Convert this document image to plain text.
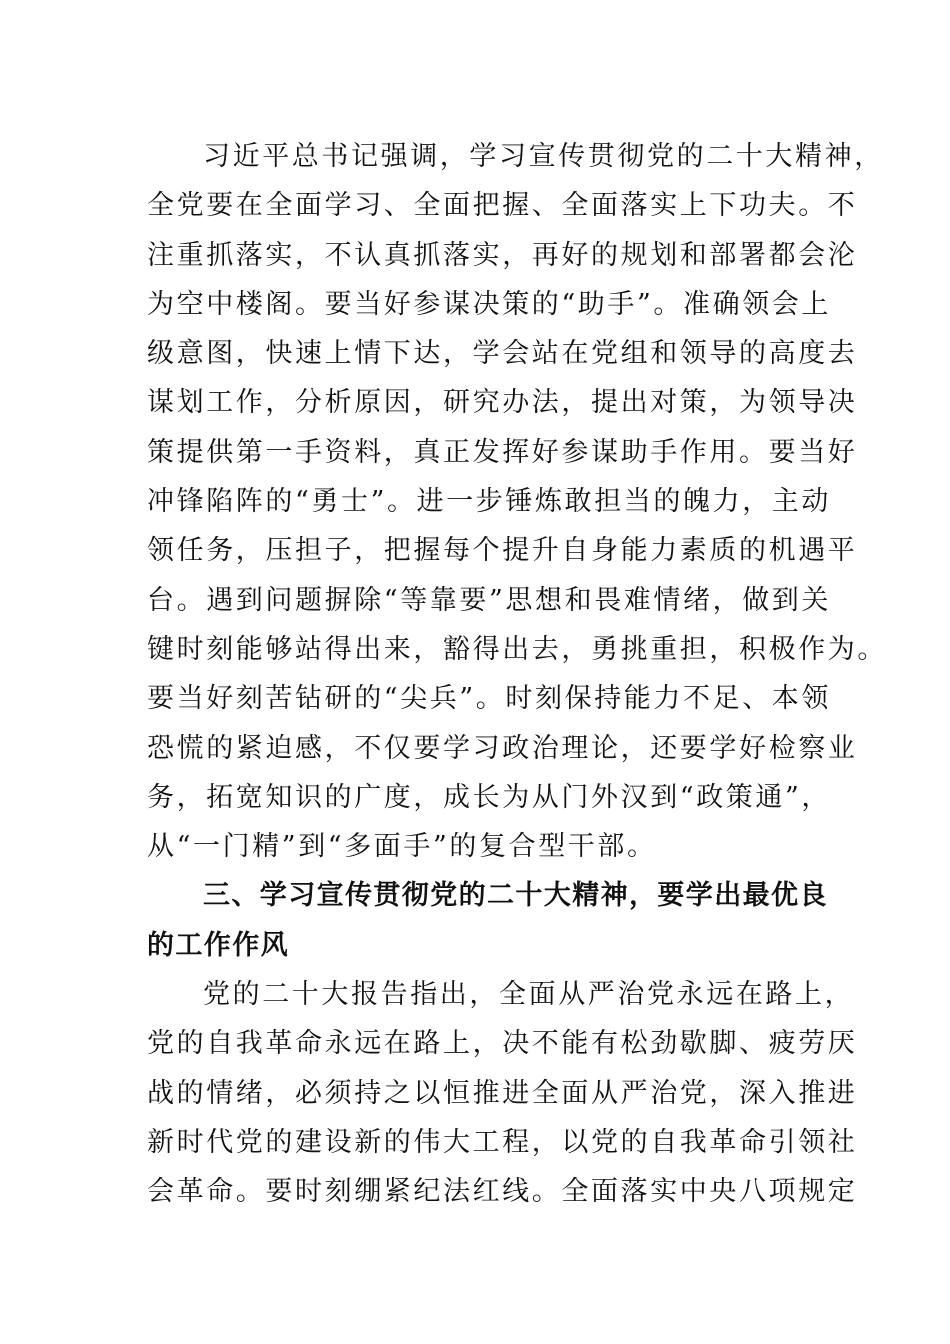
习近平总书记强调，学习宣传贯彻党的二十大精神，
全党要在全面学习、全面把握、全面落实上下功夫。不
注重抓落实，不认真抓落实，再好的规划和部署都会沦
为空中楼阁。要当好参谋决策的“助手”。准确领会上
级意图，快速上情下达，学会站在党组和领导的高度去
谋划工作，分析原因，研究办法，提出对策，为领导决
策提供第一手资料，真正发挥好参谋助手作用。要当好
冲锋陷阵的“勇士”。进一步锤炼敢担当的魄力，主动
领任务，压担子，把握每个提升自身能力素质的机遇平
台。遇到问题摒除“等靠要”思想和畏难情绪，做到关
键时刻能够站得出来，豁得出去，勇挑重担，积极作为。
要当好刻苦钻研的“尖兵”。时刻保持能力不足、本领
恐慌的紧迫感，不仅要学习政治理论，还要学好检察业
务，拓宽知识的广度，成长为从门外汉到“政策通”，
从“一门精”到“多面手”的复合型干部。
三、学习宣传贯彻党的二十大精神，要学出最优良
的工作作风
党的二十大报告指出，全面从严治党永远在路上，
党的自我革命永远在路上，决不能有松劲歇脚、疲劳厌
战的情绪，必须持之以恒推进全面从严治党，深入推进
新时代党的建设新的伟大工程，以党的自我革命引领社
会革命。要时刻绷紧纪法红线。全面落实中央八项规定
